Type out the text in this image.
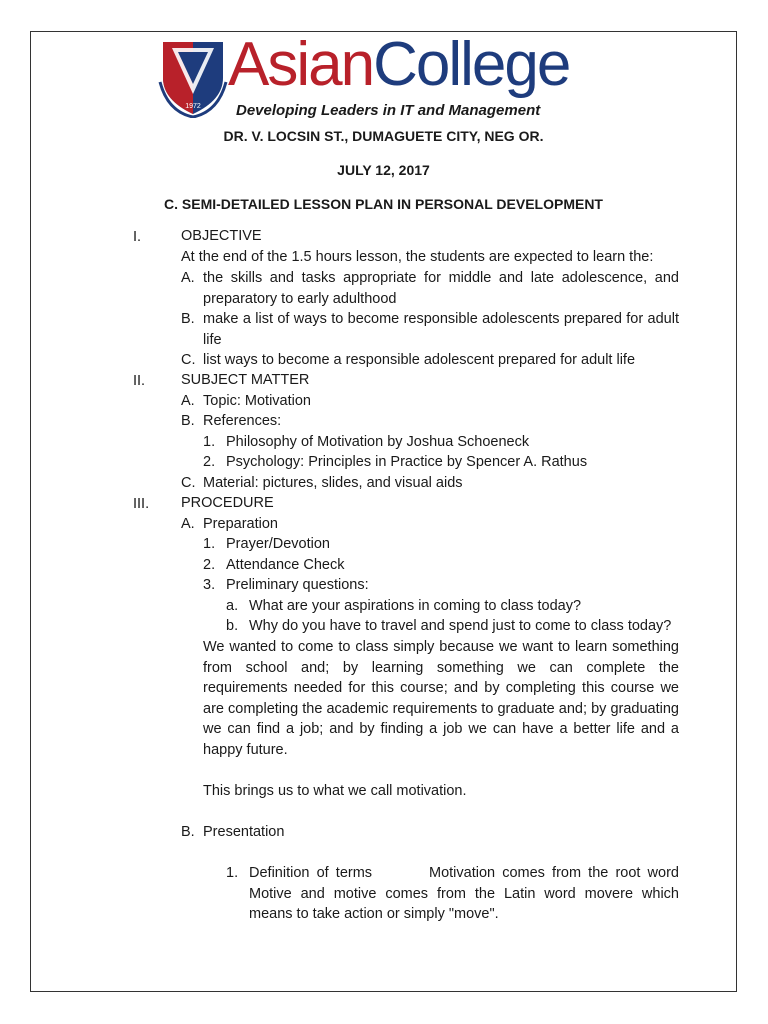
1972
AsianCollege
Developing Leaders in IT and Management
DR. V. LOCSIN ST., DUMAGUETE CITY, NEG OR.
JULY 12, 2017
C. SEMI-DETAILED LESSON PLAN IN PERSONAL DEVELOPMENT
I.	OBJECTIVE
At the end of the 1.5 hours lesson, the students are expected to learn the:
A. the skills and tasks appropriate for middle and late adolescence, and preparatory to early adulthood
B. make a list of ways to become responsible adolescents prepared for adult life
C. list ways to become a responsible adolescent prepared for adult life
II. SUBJECT MATTER
A. Topic: Motivation
B. References:
1. Philosophy of Motivation by Joshua Schoeneck
2. Psychology: Principles in Practice by Spencer A. Rathus
C. Material: pictures, slides, and visual aids
III. PROCEDURE
A. Preparation
1. Prayer/Devotion
2. Attendance Check
3. Preliminary questions:
a. What are your aspirations in coming to class today?
b. Why do you have to travel and spend just to come to class today?
We wanted to come to class simply because we want to learn something from school and; by learning something we can complete the requirements needed for this course; and by completing this course we are completing the academic requirements to graduate and; by graduating we can find a job; and by finding a job we can have a better life and a happy future.
This brings us to what we call motivation.
B. Presentation
1. Definition of terms        Motivation comes from the root word Motive and motive comes from the Latin word movere which means to take action or simply "move".
